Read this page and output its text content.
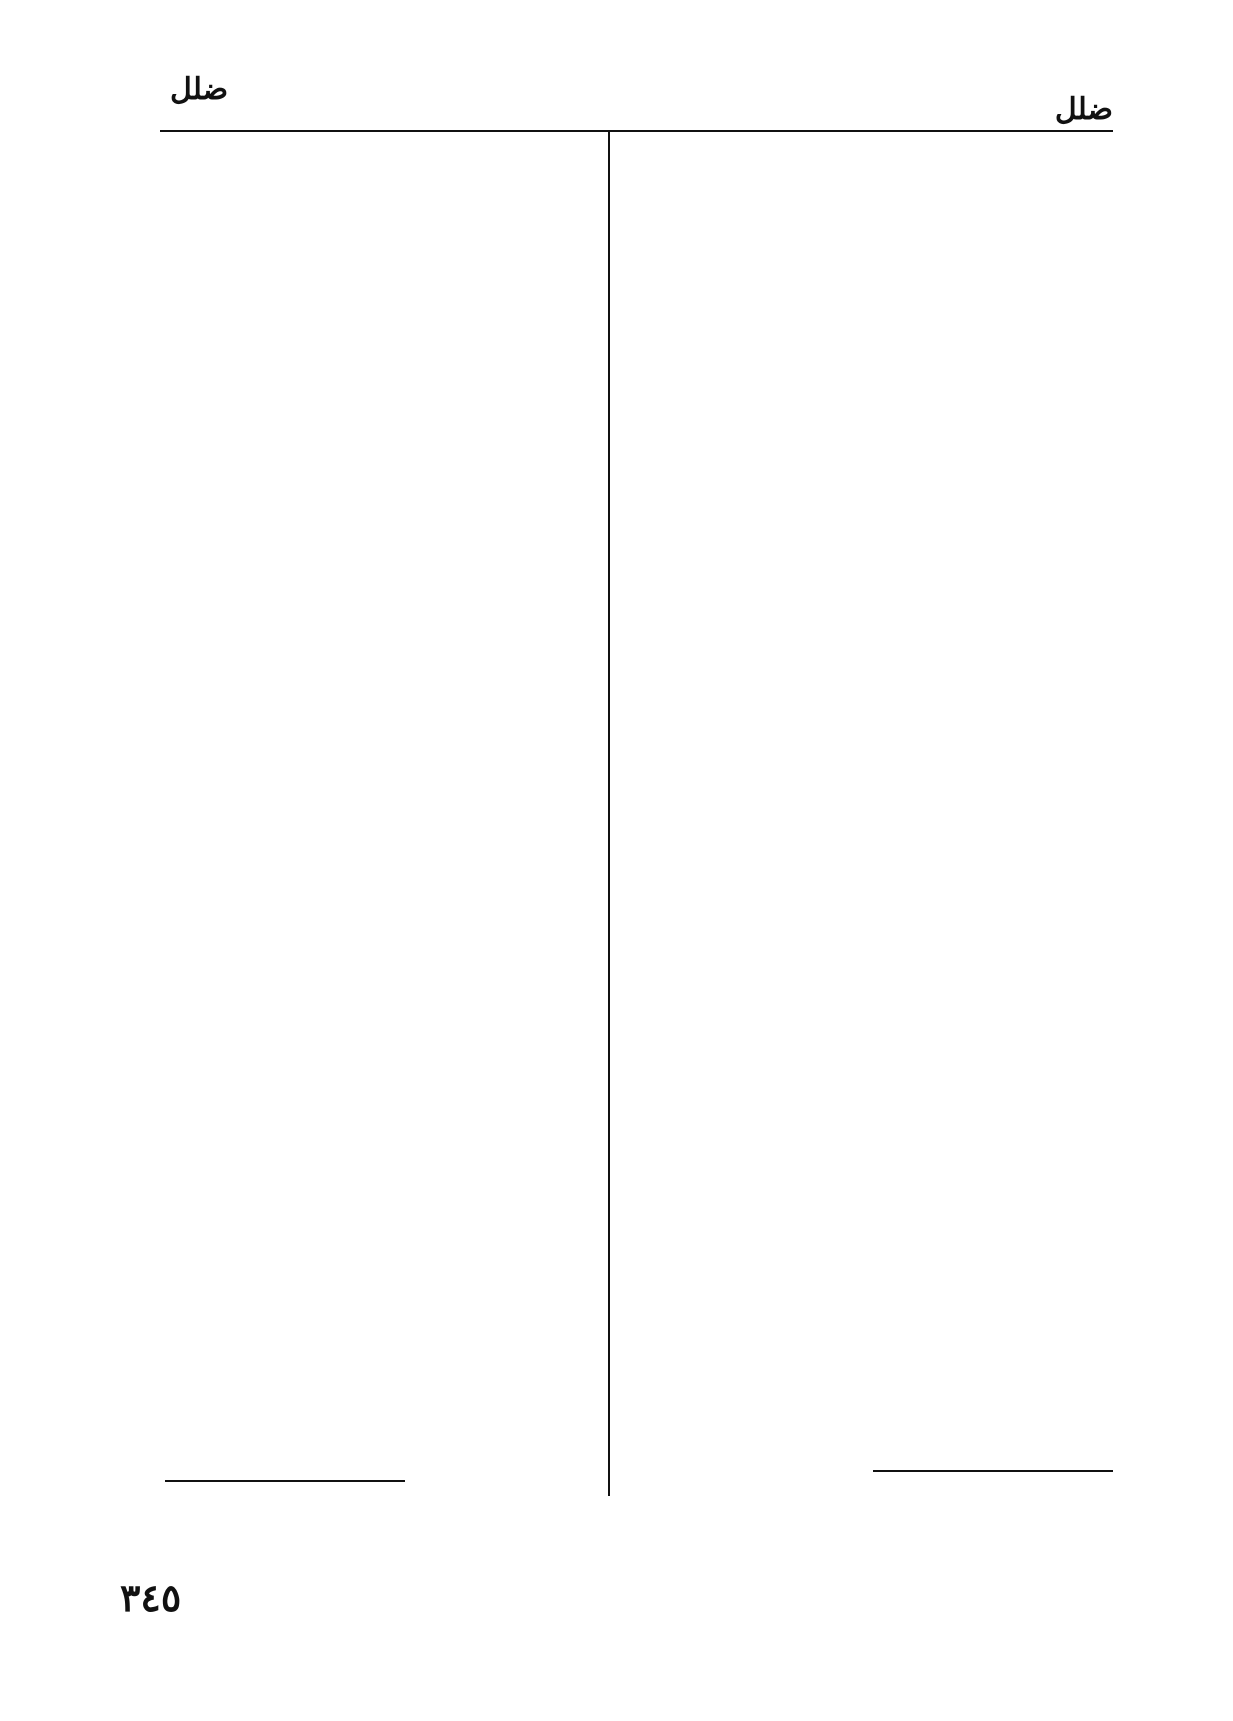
ضلل
ضلل
٣٤٥
